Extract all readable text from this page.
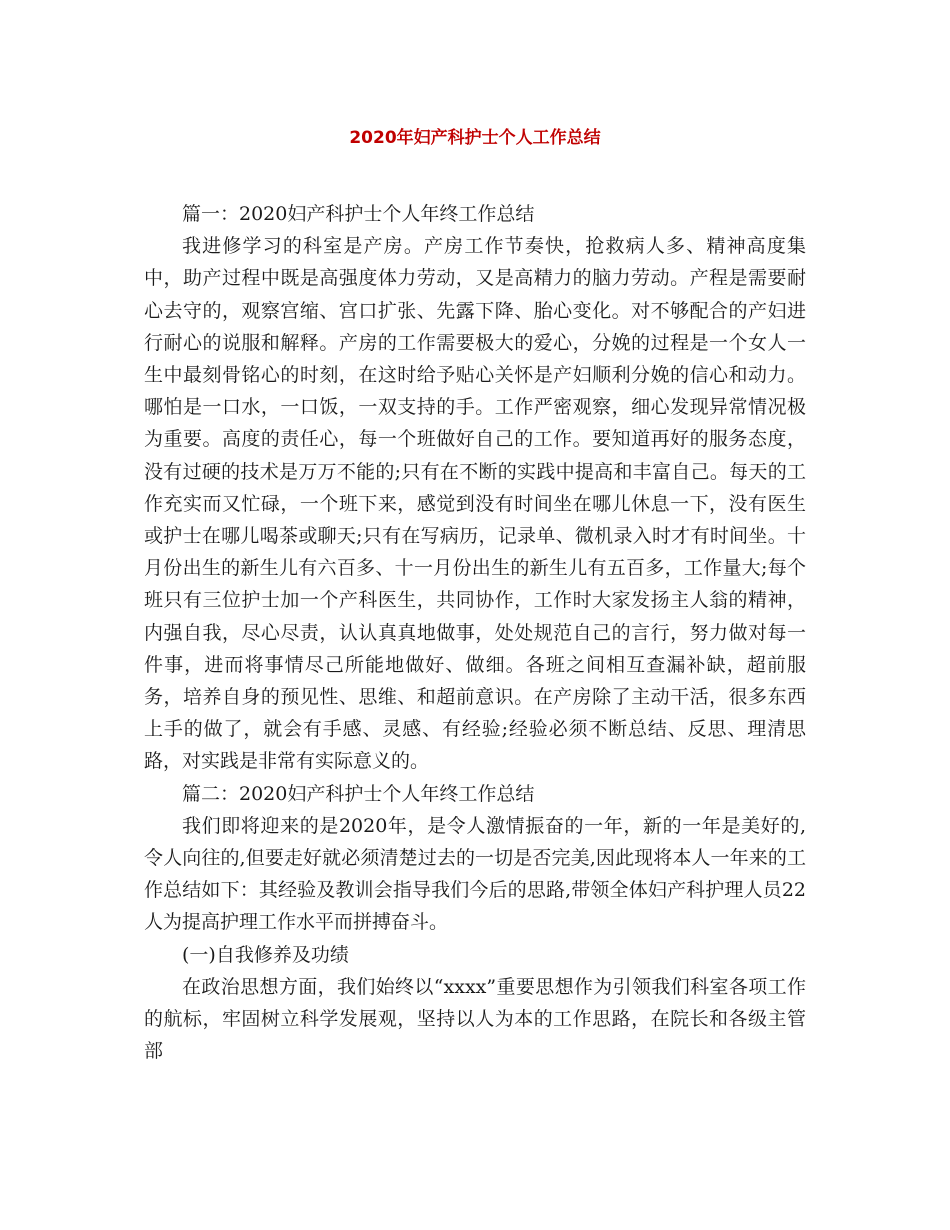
2020年妇产科护士个人工作总结

篇一：2020妇产科护士个人年终工作总结

我进修学习的科室是产房。产房工作节奏快，抢救病人多、精神高度集中，助产过程中既是高强度体力劳动，又是高精力的脑力劳动。产程是需要耐心去守的，观察宫缩、宫口扩张、先露下降、胎心变化。对不够配合的产妇进行耐心的说服和解释。产房的工作需要极大的爱心，分娩的过程是一个女人一生中最刻骨铭心的时刻，在这时给予贴心关怀是产妇顺利分娩的信心和动力。哪怕是一口水，一口饭，一双支持的手。工作严密观察，细心发现异常情况极为重要。高度的责任心，每一个班做好自己的工作。要知道再好的服务态度，没有过硬的技术是万万不能的;只有在不断的实践中提高和丰富自己。每天的工作充实而又忙碌，一个班下来，感觉到没有时间坐在哪儿休息一下，没有医生或护士在哪儿喝茶或聊天;只有在写病历，记录单、微机录入时才有时间坐。十月份出生的新生儿有六百多、十一月份出生的新生儿有五百多，工作量大;每个班只有三位护士加一个产科医生，共同协作，工作时大家发扬主人翁的精神，内强自我，尽心尽责，认认真真地做事，处处规范自己的言行，努力做对每一件事，进而将事情尽己所能地做好、做细。各班之间相互查漏补缺，超前服务，培养自身的预见性、思维、和超前意识。在产房除了主动干活，很多东西上手的做了，就会有手感、灵感、有经验;经验必须不断总结、反思、理清思路，对实践是非常有实际意义的。

篇二：2020妇产科护士个人年终工作总结

我们即将迎来的是2020年，是令人激情振奋的一年，新的一年是美好的,令人向往的,但要走好就必须清楚过去的一切是否完美,因此现将本人一年来的工作总结如下：其经验及教训会指导我们今后的思路,带领全体妇产科护理人员22人为提高护理工作水平而拼搏奋斗。

(一)自我修养及功绩

在政治思想方面，我们始终以“xxxx”重要思想作为引领我们科室各项工作的航标，牢固树立科学发展观，坚持以人为本的工作思路，在院长和各级主管部
